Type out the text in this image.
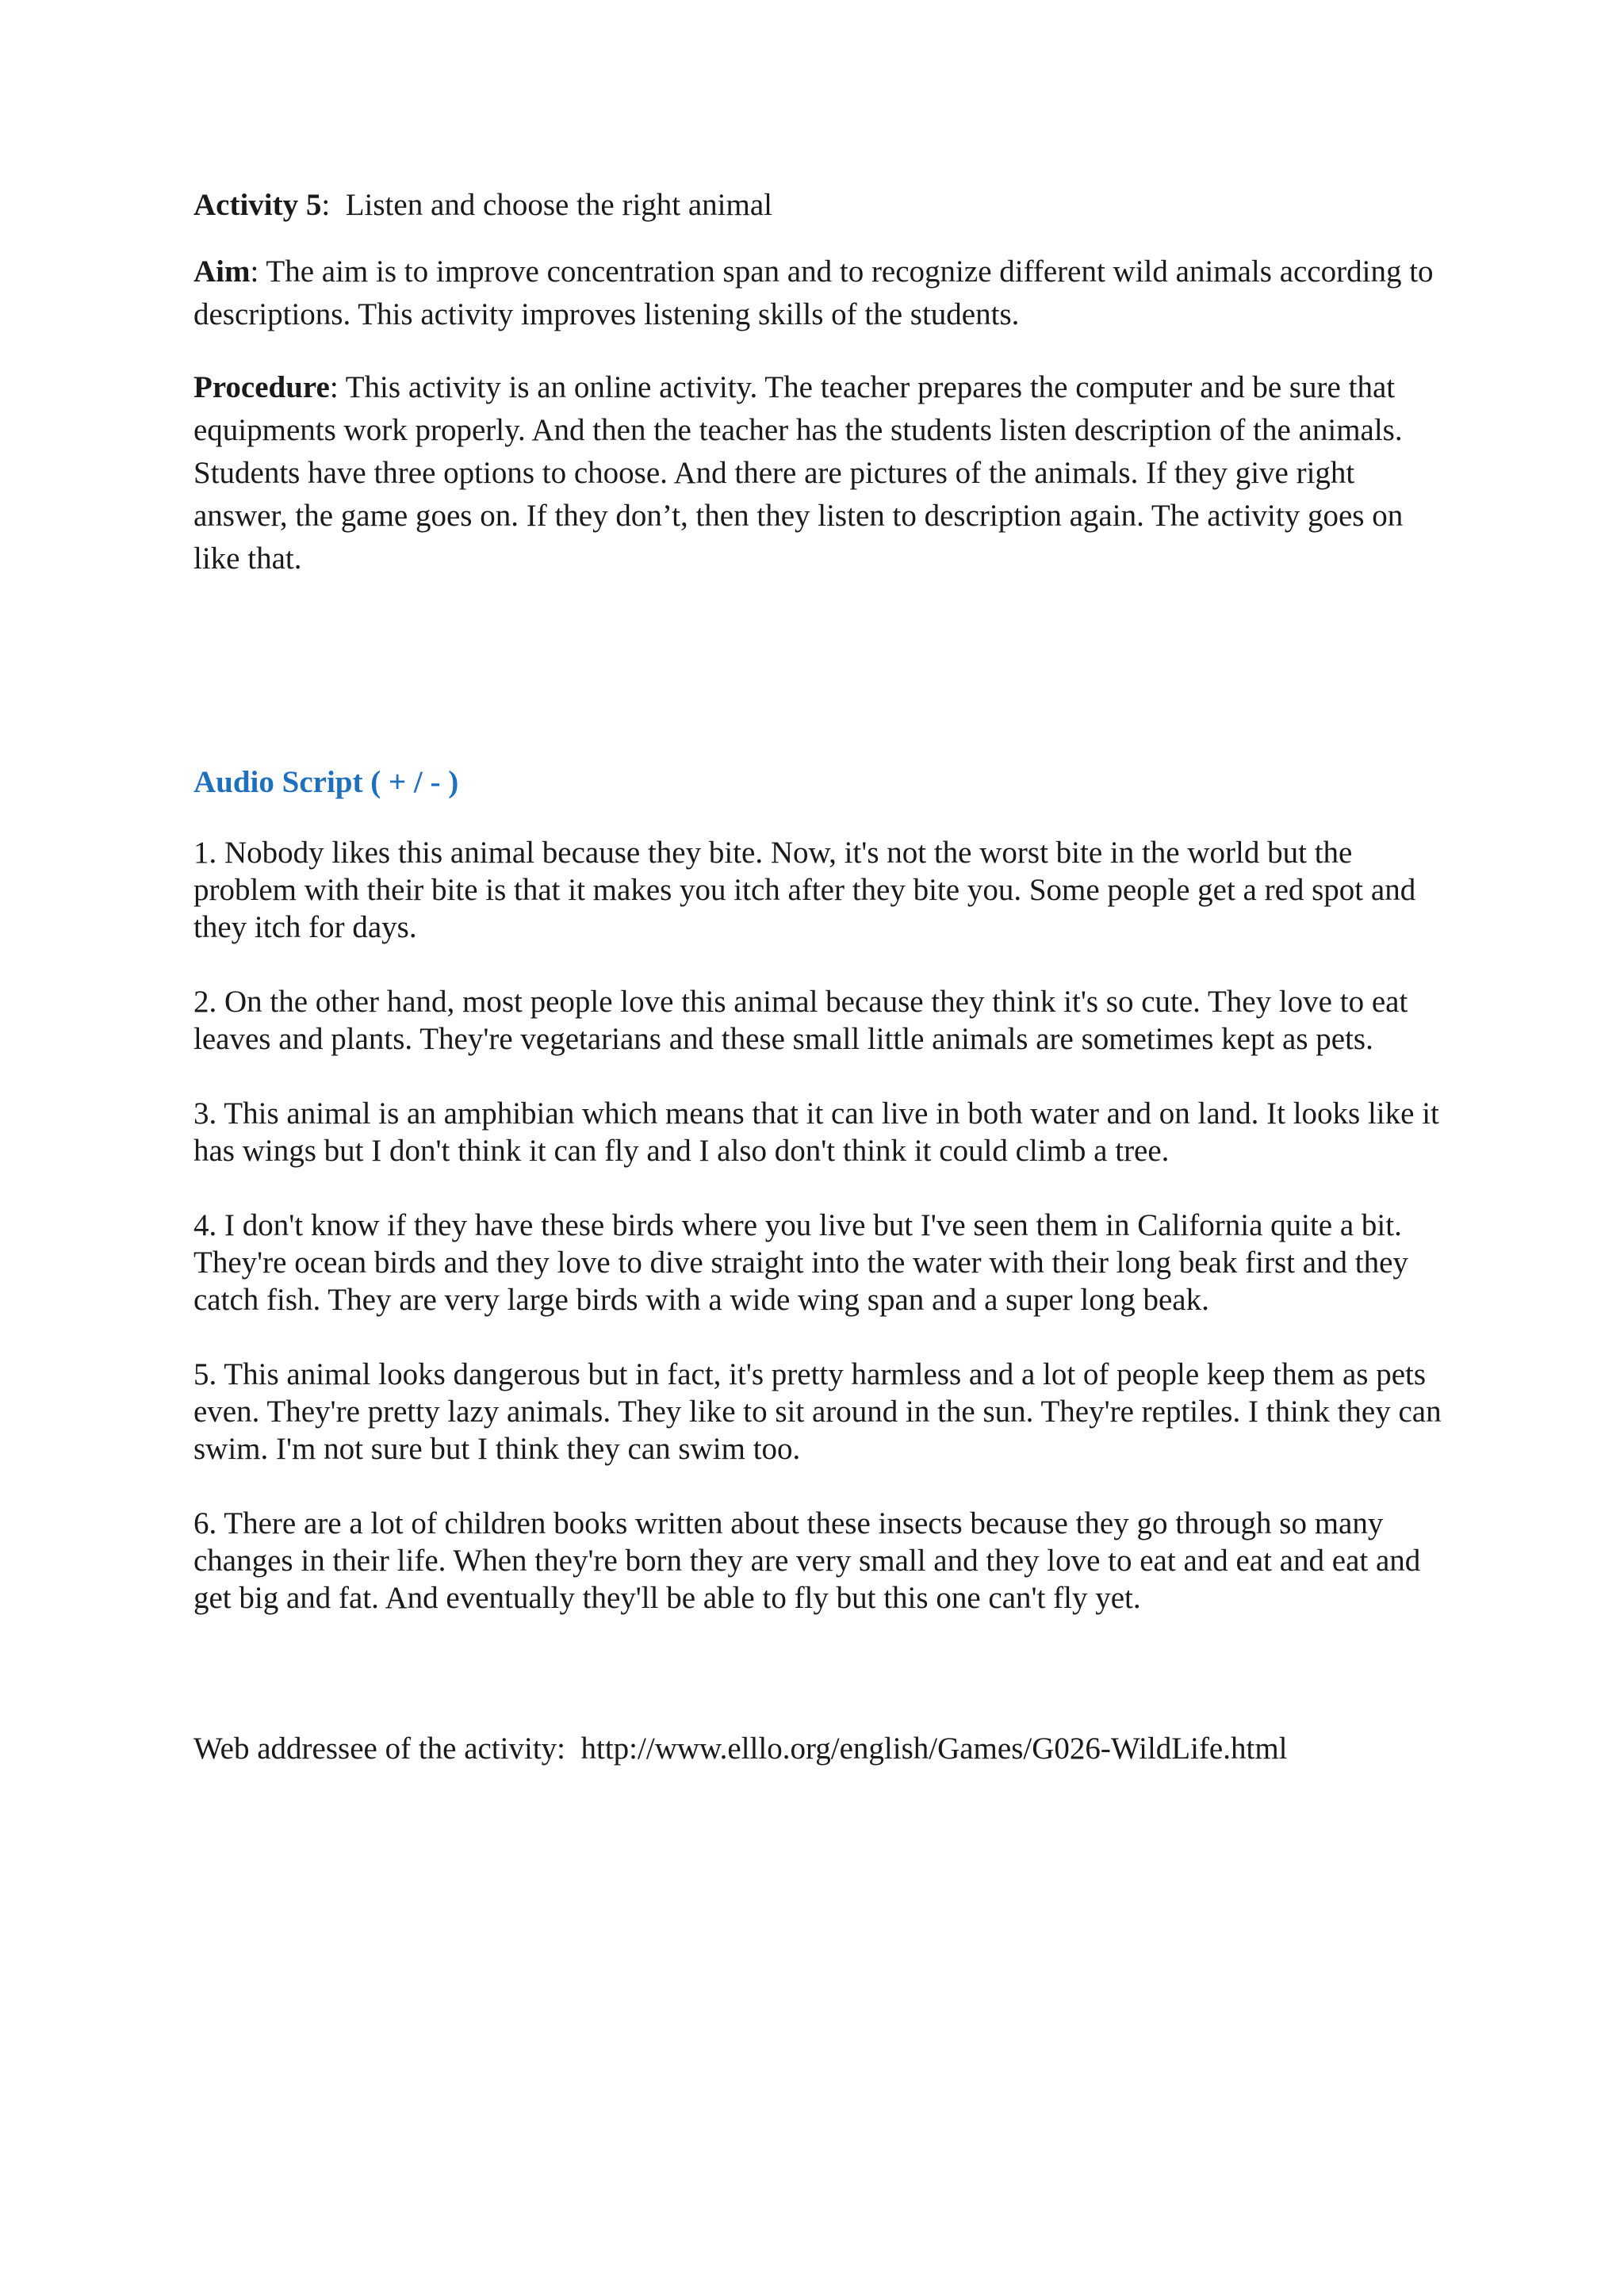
Activity 5:  Listen and choose the right animal

Aim: The aim is to improve concentration span and to recognize different wild animals according to descriptions. This activity improves listening skills of the students.

Procedure: This activity is an online activity. The teacher prepares the computer and be sure that equipments work properly. And then the teacher has the students listen description of the animals. Students have three options to choose. And there are pictures of the animals. If they give right answer, the game goes on. If they don’t, then they listen to description again. The activity goes on like that.

Audio Script ( + / - )

1. Nobody likes this animal because they bite. Now, it's not the worst bite in the world but the problem with their bite is that it makes you itch after they bite you. Some people get a red spot and they itch for days.

2. On the other hand, most people love this animal because they think it's so cute. They love to eat leaves and plants. They're vegetarians and these small little animals are sometimes kept as pets.

3. This animal is an amphibian which means that it can live in both water and on land. It looks like it has wings but I don't think it can fly and I also don't think it could climb a tree.

4. I don't know if they have these birds where you live but I've seen them in California quite a bit. They're ocean birds and they love to dive straight into the water with their long beak first and they catch fish. They are very large birds with a wide wing span and a super long beak.

5. This animal looks dangerous but in fact, it's pretty harmless and a lot of people keep them as pets even. They're pretty lazy animals. They like to sit around in the sun. They're reptiles. I think they can swim. I'm not sure but I think they can swim too.

6. There are a lot of children books written about these insects because they go through so many changes in their life. When they're born they are very small and they love to eat and eat and eat and get big and fat. And eventually they'll be able to fly but this one can't fly yet.

Web addressee of the activity: http://www.elllo.org/english/Games/G026-WildLife.html
